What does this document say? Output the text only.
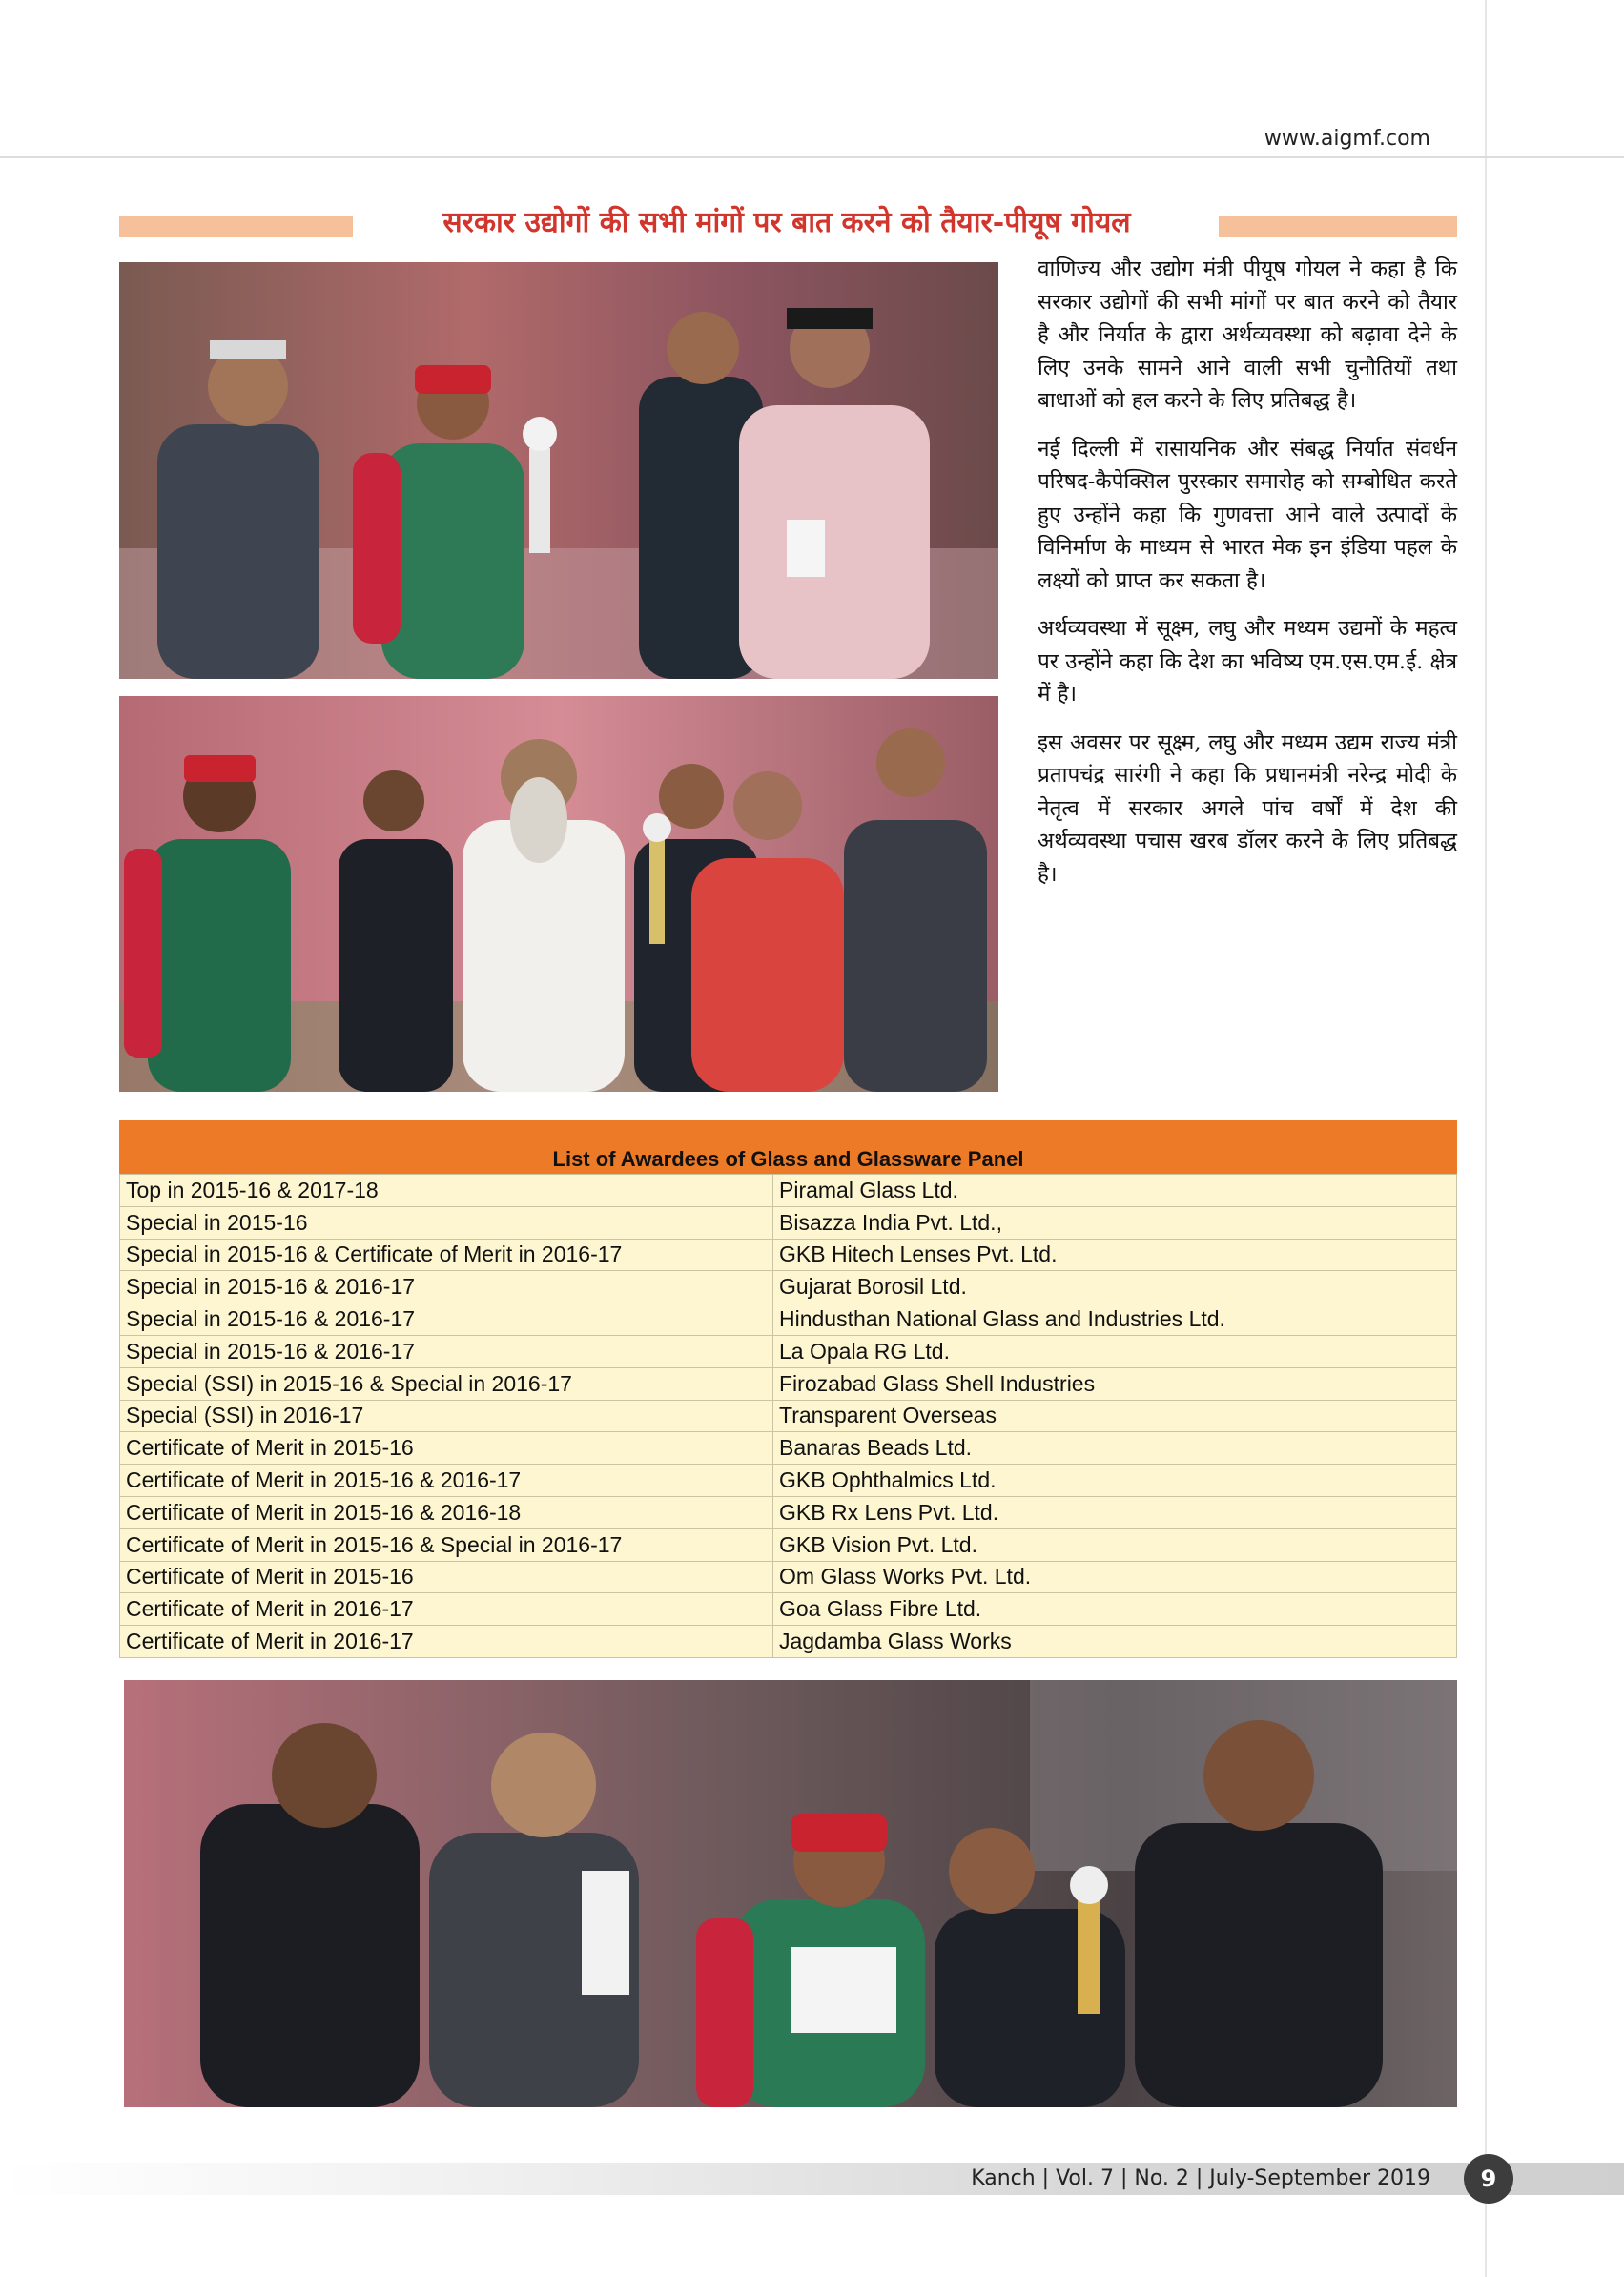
www.aigmf.com
सरकार उद्योगों की सभी मांगों पर बात करने को तैयार-पीयूष गोयल

वाणिज्य और उद्योग मंत्री पीयूष गोयल ने कहा है कि सरकार उद्योगों की सभी मांगों पर बात करने को तैयार है और निर्यात के द्वारा अर्थव्यवस्था को बढ़ावा देने के लिए उनके सामने आने वाली सभी चुनौतियों तथा बाधाओं को हल करने के लिए प्रतिबद्ध है।

नई दिल्ली में रासायनिक और संबद्ध निर्यात संवर्धन परिषद-कैपेक्सिल पुरस्कार समारोह को सम्बोधित करते हुए उन्होंने कहा कि गुणवत्ता आने वाले उत्पादों के विनिर्माण के माध्यम से भारत मेक इन इंडिया पहल के लक्ष्यों को प्राप्त कर सकता है।

अर्थव्यवस्था में सूक्ष्म, लघु और मध्यम उद्यमों के महत्व पर उन्होंने कहा कि देश का भविष्य एम.एस.एम.ई. क्षेत्र में है।

इस अवसर पर सूक्ष्म, लघु और मध्यम उद्यम राज्य मंत्री प्रतापचंद्र सारंगी ने कहा कि प्रधानमंत्री नरेन्द्र मोदी के नेतृत्व में सरकार अगले पांच वर्षों में देश की अर्थव्यवस्था पचास खरब डॉलर करने के लिए प्रतिबद्ध है।

List of Awardees of Glass and Glassware Panel
Top in 2015-16 & 2017-18	Piramal Glass Ltd.
Special in 2015-16	Bisazza India Pvt. Ltd.,
Special in 2015-16 & Certificate of Merit in 2016-17	GKB Hitech Lenses Pvt. Ltd.
Special in 2015-16 & 2016-17	Gujarat Borosil Ltd.
Special in 2015-16 & 2016-17	Hindusthan National Glass and Industries Ltd.
Special in 2015-16 & 2016-17	La Opala RG Ltd.
Special (SSI) in 2015-16 & Special in 2016-17	Firozabad Glass Shell Industries
Special (SSI) in 2016-17	Transparent Overseas
Certificate of Merit in 2015-16	Banaras Beads Ltd.
Certificate of Merit in 2015-16 & 2016-17	GKB Ophthalmics Ltd.
Certificate of Merit in 2015-16 & 2016-18	GKB Rx Lens Pvt. Ltd.
Certificate of Merit in 2015-16 & Special in 2016-17	GKB Vision Pvt. Ltd.
Certificate of Merit in 2015-16	Om Glass Works Pvt. Ltd.
Certificate of Merit in 2016-17	Goa Glass Fibre Ltd.
Certificate of Merit in 2016-17	Jagdamba Glass Works
Kanch | Vol. 7 | No. 2 | July-September 2019	9
